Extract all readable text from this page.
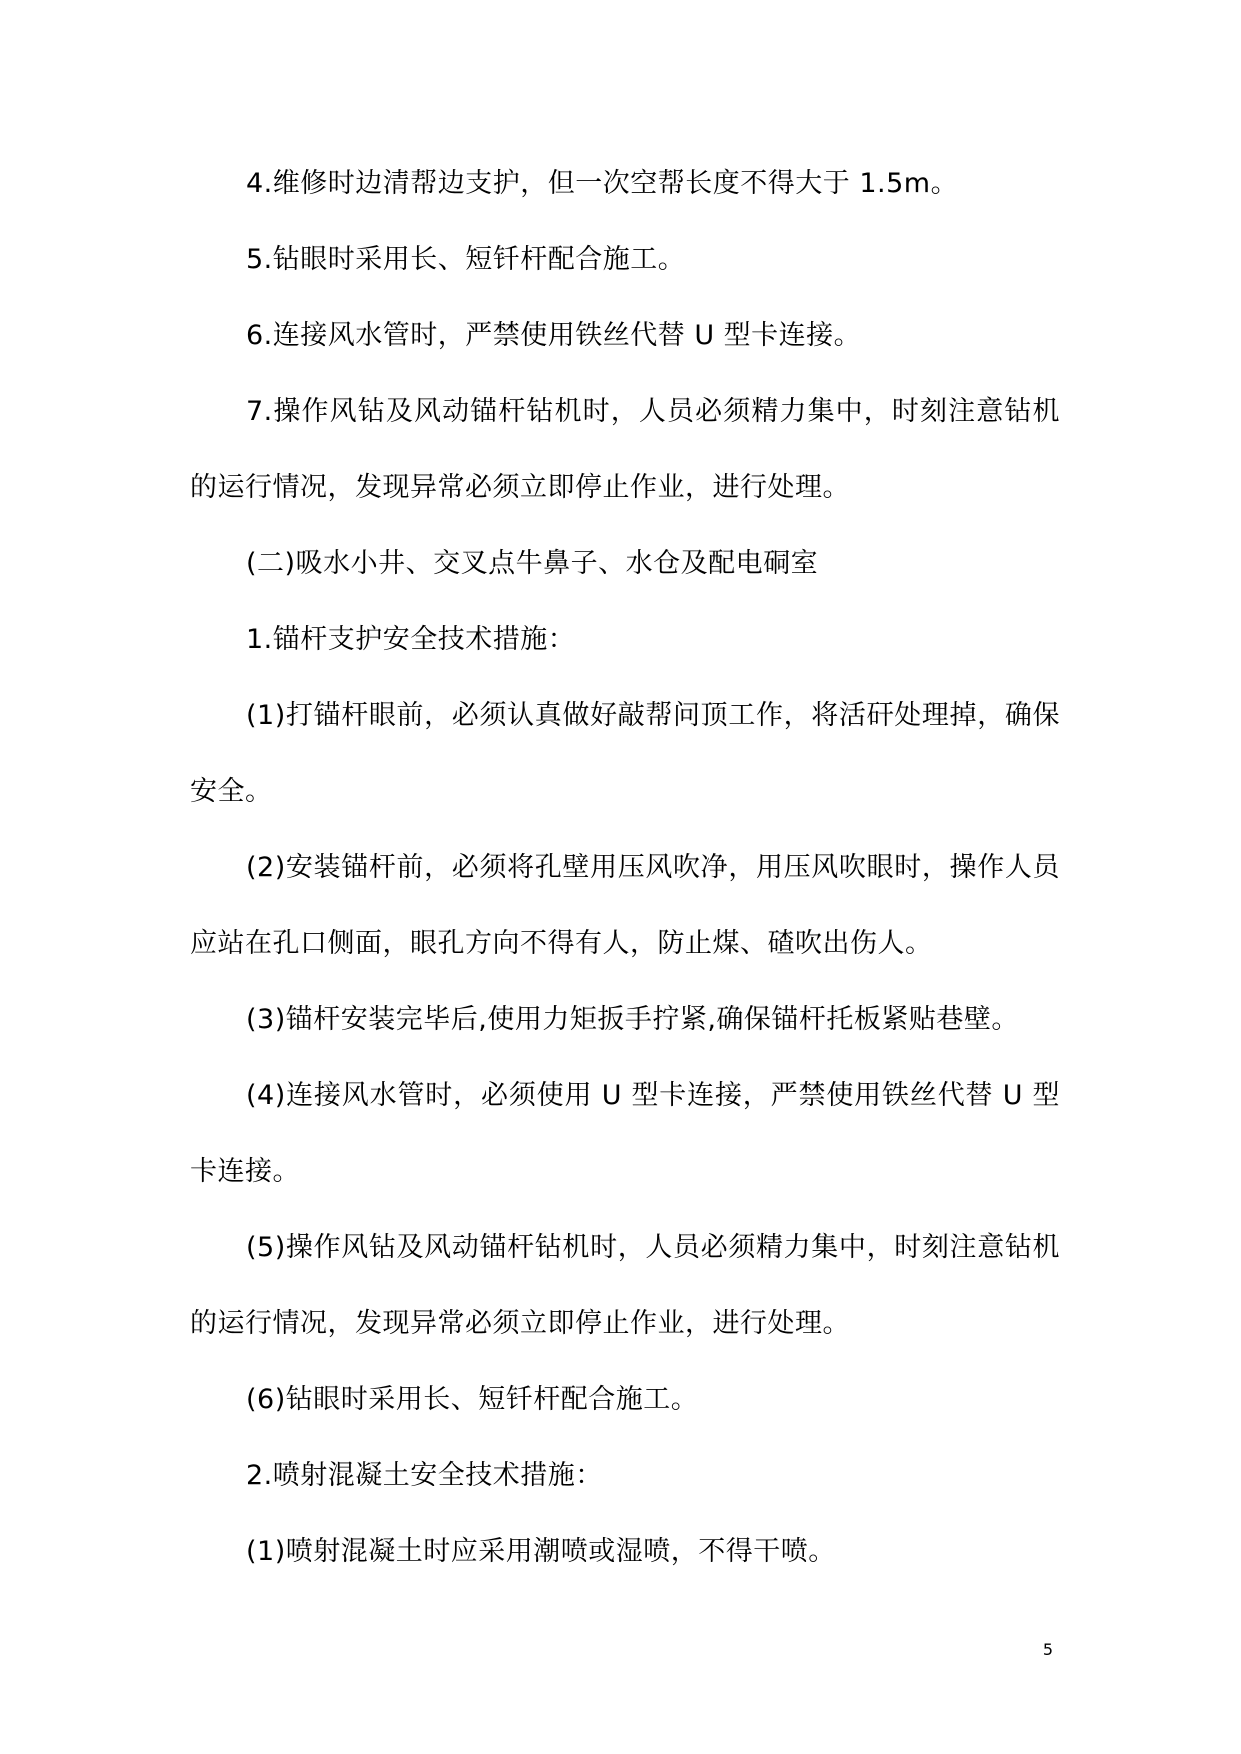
4.维修时边清帮边支护，但一次空帮长度不得大于 1.5m。

5.钻眼时采用长、短钎杆配合施工。

6.连接风水管时，严禁使用铁丝代替 U 型卡连接。

7.操作风钻及风动锚杆钻机时，人员必须精力集中，时刻注意钻机的运行情况，发现异常必须立即停止作业，进行处理。

(二)吸水小井、交叉点牛鼻子、水仓及配电硐室

1.锚杆支护安全技术措施：

(1)打锚杆眼前，必须认真做好敲帮问顶工作，将活矸处理掉，确保安全。

(2)安装锚杆前，必须将孔壁用压风吹净，用压风吹眼时，操作人员应站在孔口侧面，眼孔方向不得有人，防止煤、碴吹出伤人。

(3)锚杆安装完毕后,使用力矩扳手拧紧,确保锚杆托板紧贴巷壁。

(4)连接风水管时，必须使用 U 型卡连接，严禁使用铁丝代替 U 型卡连接。

(5)操作风钻及风动锚杆钻机时，人员必须精力集中，时刻注意钻机的运行情况，发现异常必须立即停止作业，进行处理。

(6)钻眼时采用长、短钎杆配合施工。

2.喷射混凝土安全技术措施：

(1)喷射混凝土时应采用潮喷或湿喷，不得干喷。

5
